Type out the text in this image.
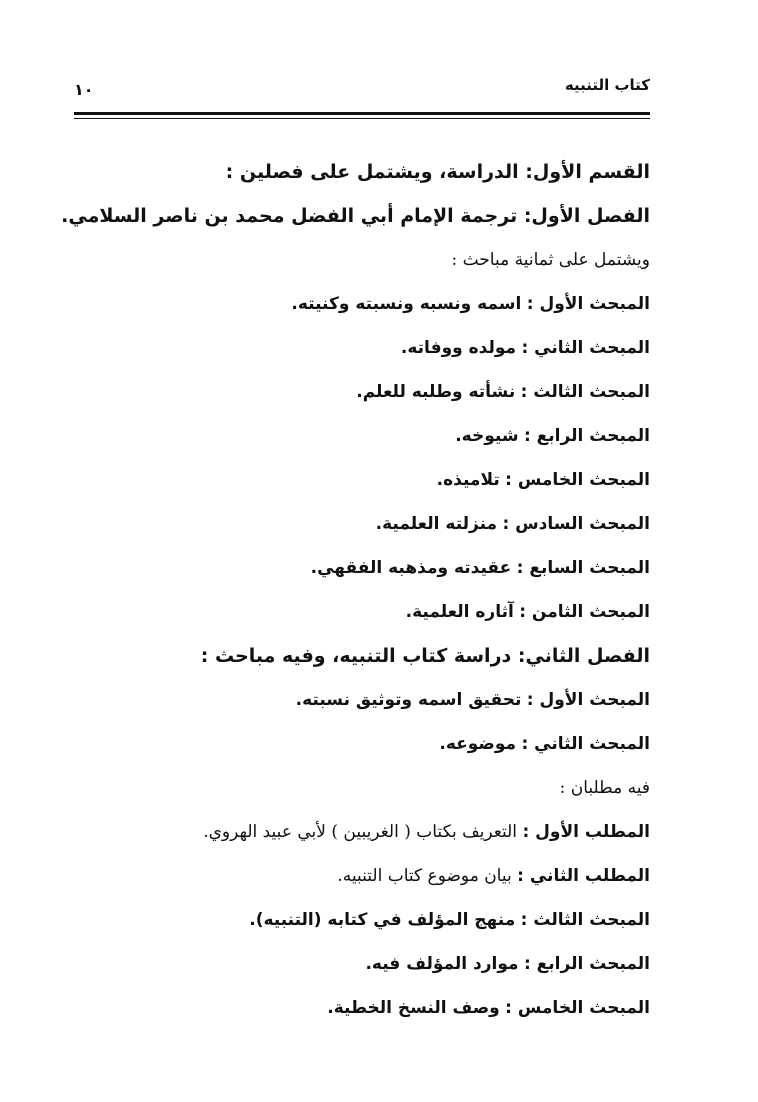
كتاب التنبيه
١٠
القسم الأول: الدراسة، ويشتمل على فصلين :
الفصل الأول: ترجمة الإمام أبي الفضل محمد بن ناصر السلامي.
ويشتمل على ثمانية مباحث :
المبحث الأول : اسمه ونسبه ونسبته وكنيته.
المبحث الثاني : مولده ووفاته.
المبحث الثالث : نشأته وطلبه للعلم.
المبحث الرابع : شيوخه.
المبحث الخامس : تلاميذه.
المبحث السادس : منزلته العلمية.
المبحث السابع : عقيدته ومذهبه الفقهي.
المبحث الثامن : آثاره العلمية.
الفصل الثاني: دراسة كتاب التنبيه، وفيه مباحث :
المبحث الأول : تحقيق اسمه وتوثيق نسبته.
المبحث الثاني : موضوعه.
فيه مطلبان :
المطلب الأول : التعريف بكتاب ( الغريبين ) لأبي عبيد الهروي.
المطلب الثاني : بيان موضوع كتاب التنبيه.
المبحث الثالث : منهج المؤلف في كتابه (التنبيه).
المبحث الرابع : موارد المؤلف فيه.
المبحث الخامس : وصف النسخ الخطية.
